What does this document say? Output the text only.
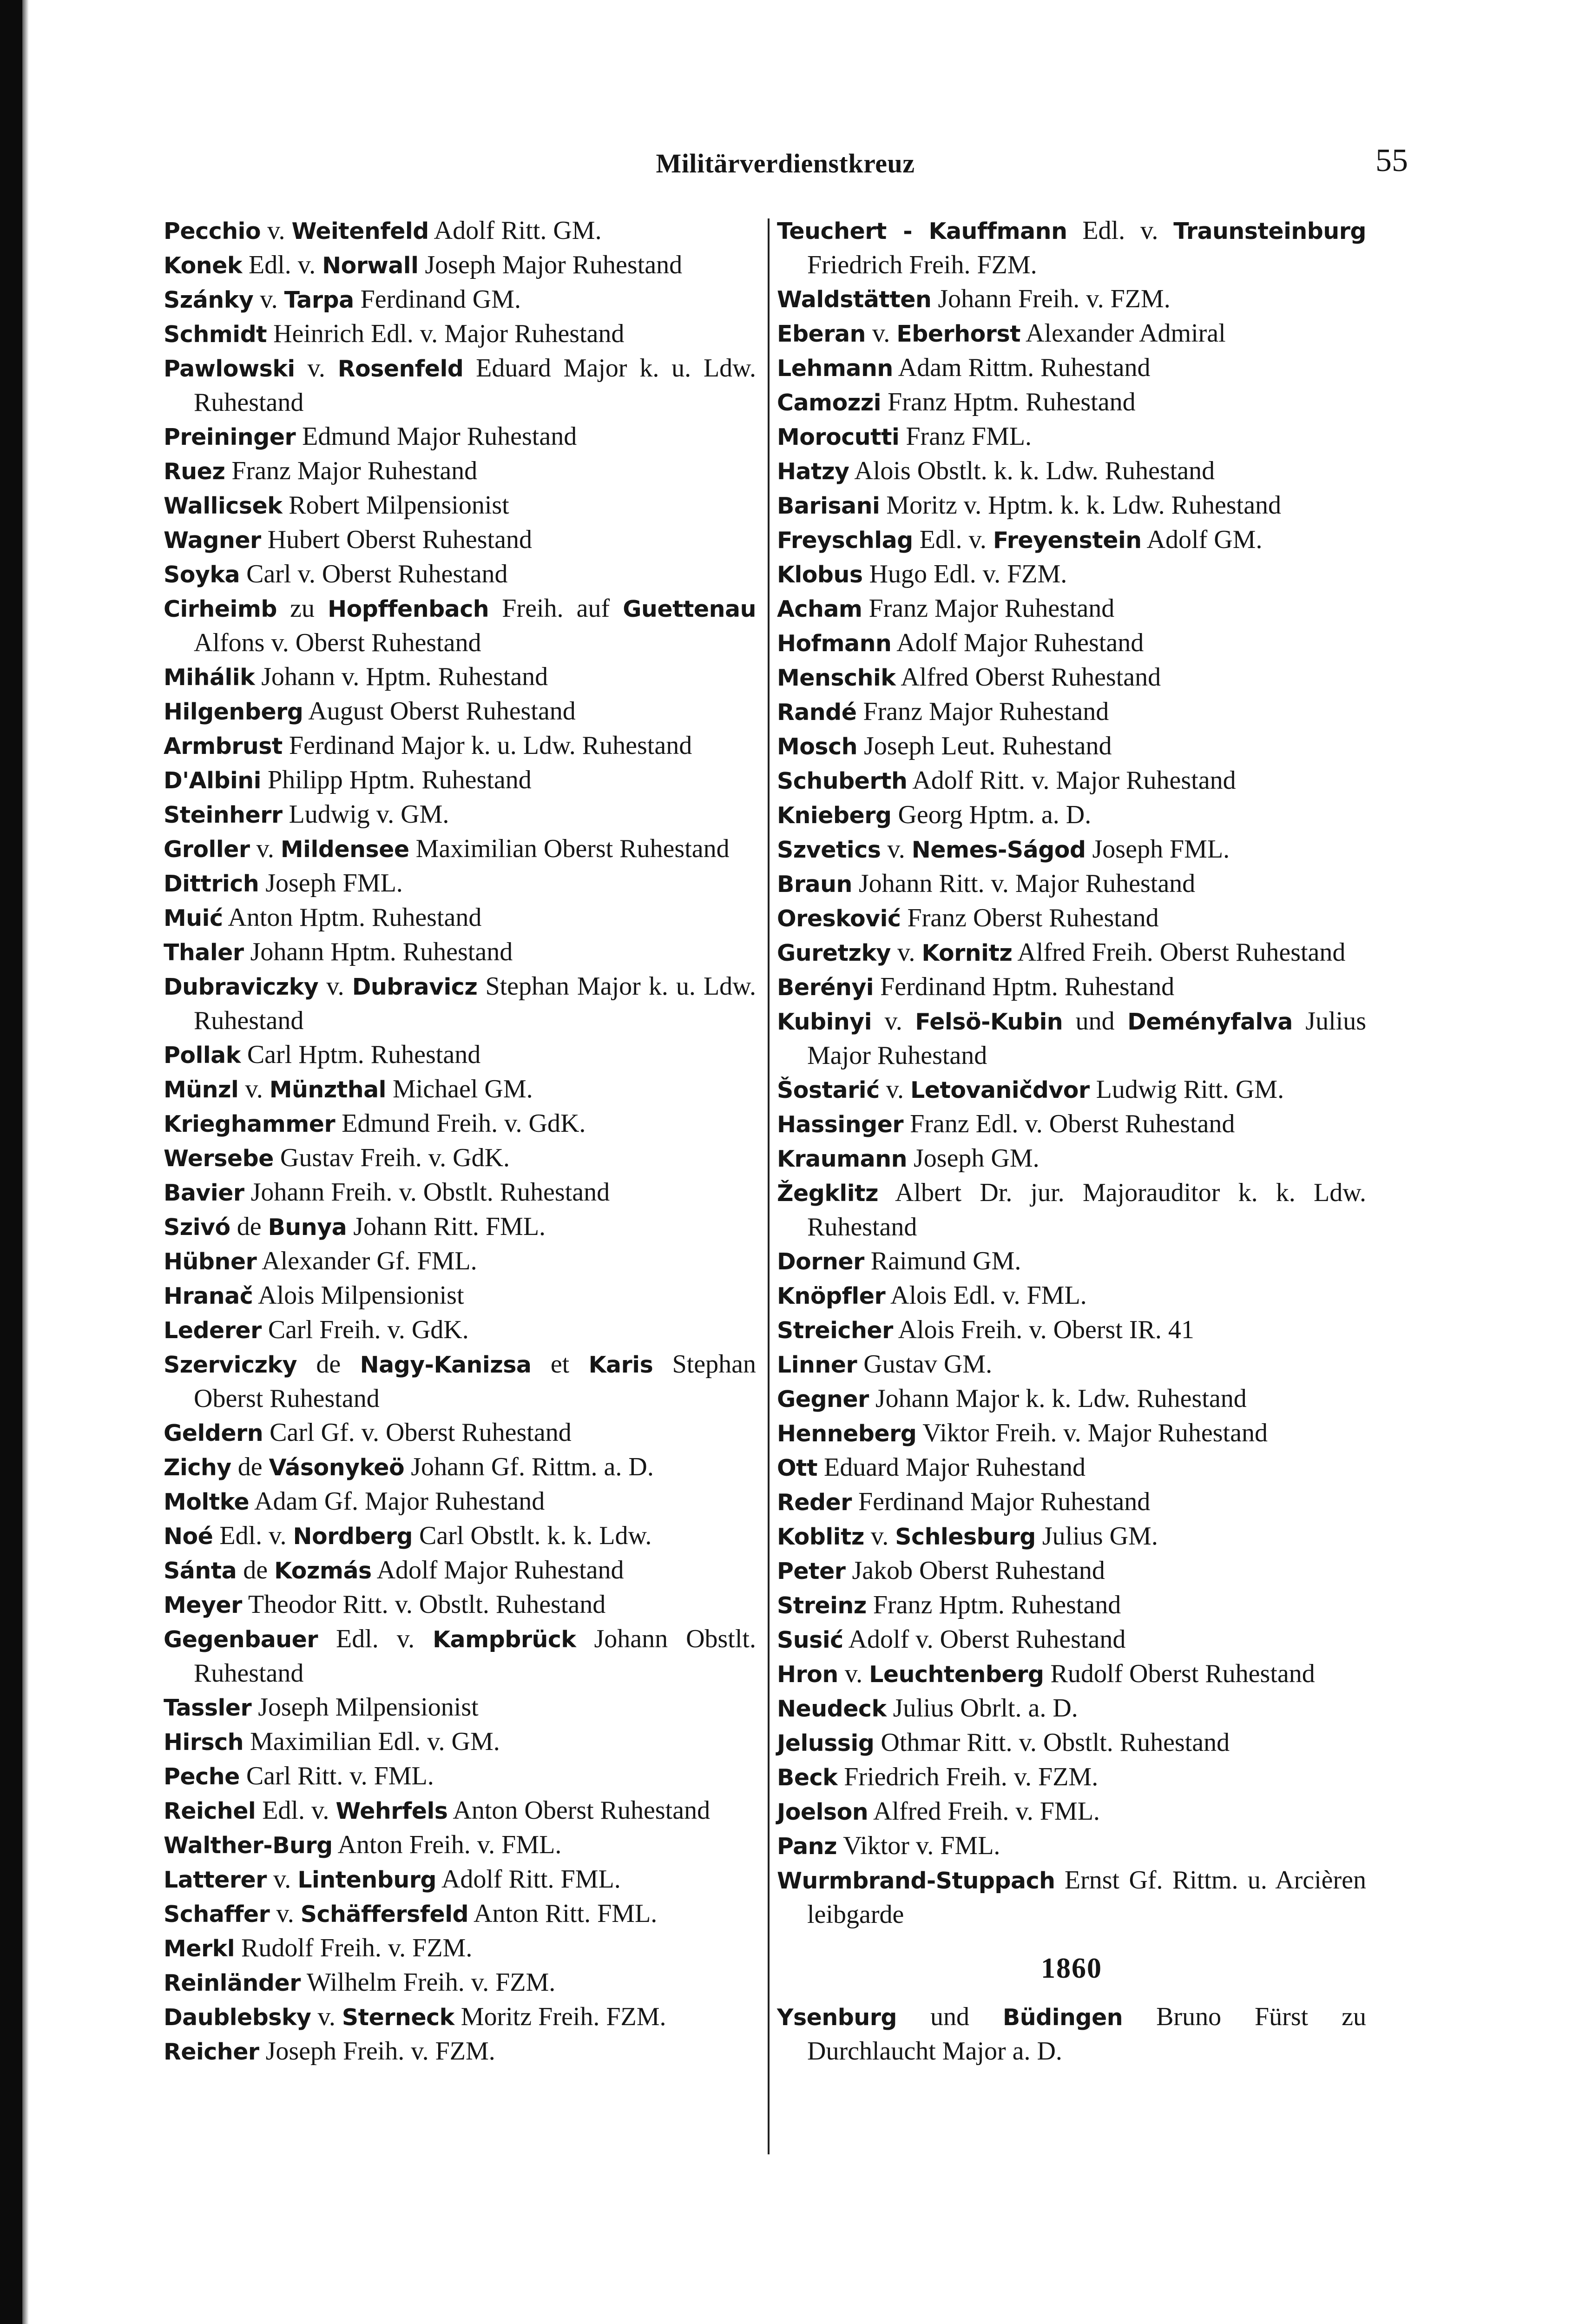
Militärverdienstkreuz	55
Pecchio v. Weitenfeld Adolf Ritt. GM.
Konek Edl. v. Norwall Joseph Major Ruhestand
Szánky v. Tarpa Ferdinand GM.
Schmidt Heinrich Edl. v. Major Ruhestand
Pawlowski v. Rosenfeld Eduard Major k. u. Ldw. Ruhestand
Preininger Edmund Major Ruhestand
Ruez Franz Major Ruhestand
Wallicsek Robert Milpensionist
Wagner Hubert Oberst Ruhestand
Soyka Carl v. Oberst Ruhestand
Cirheimb zu Hopffenbach Freih. auf Guettenau Alfons v. Oberst Ruhestand
Mihálik Johann v. Hptm. Ruhestand
Hilgenberg August Oberst Ruhestand
Armbrust Ferdinand Major k. u. Ldw. Ruhestand
D'Albini Philipp Hptm. Ruhestand
Steinherr Ludwig v. GM.
Groller v. Mildensee Maximilian Oberst Ruhestand
Dittrich Joseph FML.
Muić Anton Hptm. Ruhestand
Thaler Johann Hptm. Ruhestand
Dubraviczky v. Dubravicz Stephan Major k. u. Ldw. Ruhestand
Pollak Carl Hptm. Ruhestand
Münzl v. Münzthal Michael GM.
Krieghammer Edmund Freih. v. GdK.
Wersebe Gustav Freih. v. GdK.
Bavier Johann Freih. v. Obstlt. Ruhestand
Szivó de Bunya Johann Ritt. FML.
Hübner Alexander Gf. FML.
Hranač Alois Milpensionist
Lederer Carl Freih. v. GdK.
Szerviczky de Nagy-Kanizsa et Karis Stephan Oberst Ruhestand
Geldern Carl Gf. v. Oberst Ruhestand
Zichy de Vásonykeö Johann Gf. Rittm. a. D.
Moltke Adam Gf. Major Ruhestand
Noé Edl. v. Nordberg Carl Obstlt. k. k. Ldw.
Sánta de Kozmás Adolf Major Ruhestand
Meyer Theodor Ritt. v. Obstlt. Ruhestand
Gegenbauer Edl. v. Kampbrück Johann Obstlt. Ruhestand
Tassler Joseph Milpensionist
Hirsch Maximilian Edl. v. GM.
Peche Carl Ritt. v. FML.
Reichel Edl. v. Wehrfels Anton Oberst Ruhestand
Walther-Burg Anton Freih. v. FML.
Latterer v. Lintenburg Adolf Ritt. FML.
Schaffer v. Schäffersfeld Anton Ritt. FML.
Merkl Rudolf Freih. v. FZM.
Reinländer Wilhelm Freih. v. FZM.
Daublebsky v. Sterneck Moritz Freih. FZM.
Reicher Joseph Freih. v. FZM.
Teuchert - Kauffmann Edl. v. Traunsteinburg Friedrich Freih. FZM.
Waldstätten Johann Freih. v. FZM.
Eberan v. Eberhorst Alexander Admiral
Lehmann Adam Rittm. Ruhestand
Camozzi Franz Hptm. Ruhestand
Morocutti Franz FML.
Hatzy Alois Obstlt. k. k. Ldw. Ruhestand
Barisani Moritz v. Hptm. k. k. Ldw. Ruhestand
Freyschlag Edl. v. Freyenstein Adolf GM.
Klobus Hugo Edl. v. FZM.
Acham Franz Major Ruhestand
Hofmann Adolf Major Ruhestand
Menschik Alfred Oberst Ruhestand
Randé Franz Major Ruhestand
Mosch Joseph Leut. Ruhestand
Schuberth Adolf Ritt. v. Major Ruhestand
Knieberg Georg Hptm. a. D.
Szvetics v. Nemes-Ságod Joseph FML.
Braun Johann Ritt. v. Major Ruhestand
Oresković Franz Oberst Ruhestand
Guretzky v. Kornitz Alfred Freih. Oberst Ruhestand
Berényi Ferdinand Hptm. Ruhestand
Kubinyi v. Felsö-Kubin und Deményfalva Julius Major Ruhestand
Šostarić v. Letovaničdvor Ludwig Ritt. GM.
Hassinger Franz Edl. v. Oberst Ruhestand
Kraumann Joseph GM.
Žegklitz Albert Dr. jur. Majorauditor k. k. Ldw. Ruhestand
Dorner Raimund GM.
Knöpfler Alois Edl. v. FML.
Streicher Alois Freih. v. Oberst IR. 41
Linner Gustav GM.
Gegner Johann Major k. k. Ldw. Ruhestand
Henneberg Viktor Freih. v. Major Ruhestand
Ott Eduard Major Ruhestand
Reder Ferdinand Major Ruhestand
Koblitz v. Schlesburg Julius GM.
Peter Jakob Oberst Ruhestand
Streinz Franz Hptm. Ruhestand
Susić Adolf v. Oberst Ruhestand
Hron v. Leuchtenberg Rudolf Oberst Ruhestand
Neudeck Julius Obrlt. a. D.
Jelussig Othmar Ritt. v. Obstlt. Ruhestand
Beck Friedrich Freih. v. FZM.
Joelson Alfred Freih. v. FML.
Panz Viktor v. FML.
Wurmbrand-Stuppach Ernst Gf. Rittm. u. Arcièren leibgarde
1860
Ysenburg und Büdingen Bruno Fürst zu Durchlaucht Major a. D.
